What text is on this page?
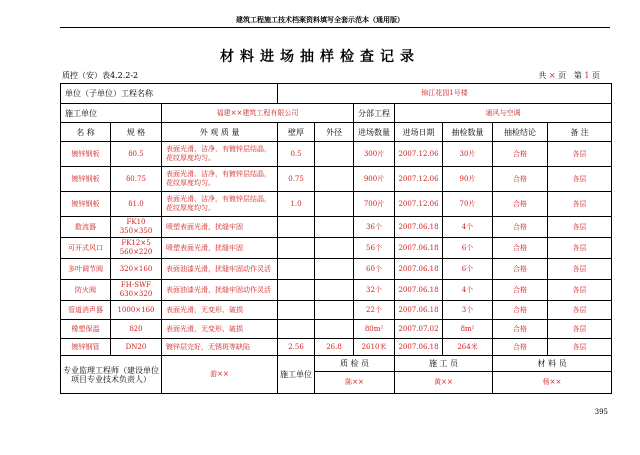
建筑工程施工技术档案资料填写全套示范本（通用版）
材料进场抽样检查记录
质控（安）表4.2.2-2	共 × 页 第 1 页
单位（子单位）工程名称			锦江花园1号楼						
施工单位		福建××建筑工程有限公司			分部工程	通风与空调			
名 称	规 格	外 观 质 量	壁厚	外径	进场数量	进场日期	抽检数量	抽检结论	备 注
镀锌钢板	δ0.5	表面光滑、洁净，有镀锌层结晶，花纹厚度均匀。	0.5		300片	2007.12.06	30片	合格	各层
镀锌钢板	δ0.75	表面光滑、洁净，有镀锌层结晶，花纹厚度均匀。	0.75		900片	2007.12.06	90片	合格	各层
镀锌钢板	δ1.0	表面光滑、洁净，有镀锌层结晶，花纹厚度均匀。	1.0		700片	2007.12.06	70片	合格	各层
散流器	FK10 350×350	喷塑表面光滑，扰缝牢固			36个	2007.06.18	4个	合格	各层
可开式风口	FK12×5 560×220	喷塑表面光滑，扰缝牢固			56个	2007.06.18	6个	合格	各层
多叶调节阀	320×160	表面油漆光滑，扰缝牢固动作灵活			60个	2007.06.18	6个	合格	各层
防火阀	FH-SWF 630×320	表面油漆光滑，扰缝牢固动作灵活			32个	2007.06.18	4个	合格	各层
管道消声器	1000×160	表面光滑，无变形、破损			22个	2007.06.18	3个	合格	各层
橡塑保温	δ20	表面光滑，无变形、破损			80m²	2007.07.02	8m²	合格	各层
镀锌钢管	DN20	镀锌层完好，无锈斑等缺陷	2.56	26.8	2610米	2007.06.18	264米	合格	各层
专业监理工程师（建设单位项目专业技术负责人）		游××	施工单位	质 检 员		施 工 员		材 料 员	
				陈××		黄××		杨××	
395
